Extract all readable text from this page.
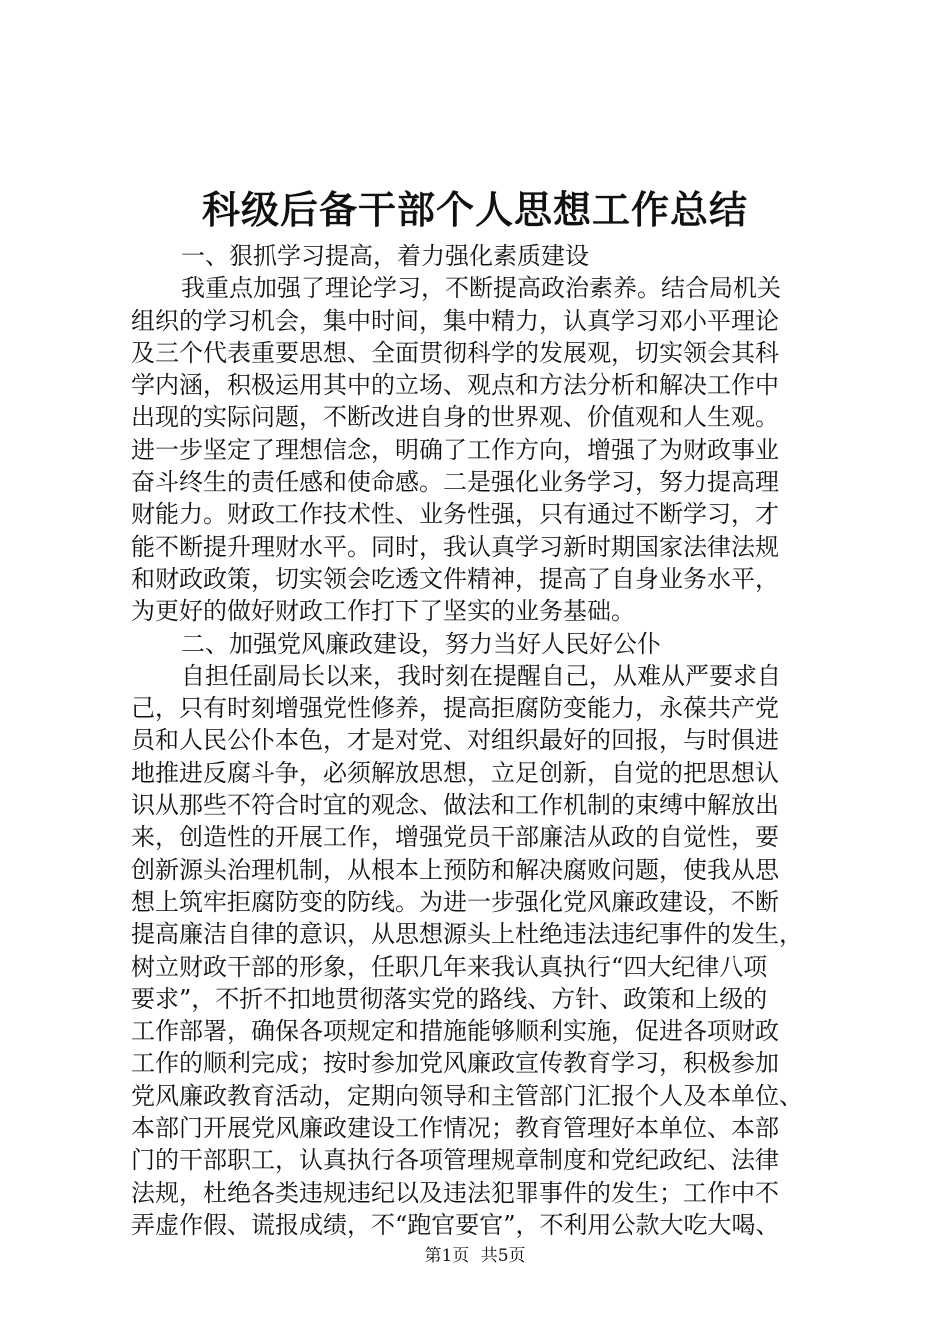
科级后备干部个人思想工作总结
一、狠抓学习提高，着力强化素质建设
我重点加强了理论学习，不断提高政治素养。结合局机关
组织的学习机会，集中时间，集中精力，认真学习邓小平理论
及三个代表重要思想、全面贯彻科学的发展观，切实领会其科
学内涵，积极运用其中的立场、观点和方法分析和解决工作中
出现的实际问题，不断改进自身的世界观、价值观和人生观。
进一步坚定了理想信念，明确了工作方向，增强了为财政事业
奋斗终生的责任感和使命感。二是强化业务学习，努力提高理
财能力。财政工作技术性、业务性强，只有通过不断学习，才
能不断提升理财水平。同时，我认真学习新时期国家法律法规
和财政政策，切实领会吃透文件精神，提高了自身业务水平，
为更好的做好财政工作打下了坚实的业务基础。
二、加强党风廉政建设，努力当好人民好公仆
自担任副局长以来，我时刻在提醒自己，从难从严要求自
己，只有时刻增强党性修养，提高拒腐防变能力，永葆共产党
员和人民公仆本色，才是对党、对组织最好的回报，与时俱进
地推进反腐斗争，必须解放思想，立足创新，自觉的把思想认
识从那些不符合时宜的观念、做法和工作机制的束缚中解放出
来，创造性的开展工作，增强党员干部廉洁从政的自觉性，要
创新源头治理机制，从根本上预防和解决腐败问题，使我从思
想上筑牢拒腐防变的防线。为进一步强化党风廉政建设，不断
提高廉洁自律的意识，从思想源头上杜绝违法违纪事件的发生，
树立财政干部的形象，任职几年来我认真执行“四大纪律八项
要求”，不折不扣地贯彻落实党的路线、方针、政策和上级的
工作部署，确保各项规定和措施能够顺利实施，促进各项财政
工作的顺利完成；按时参加党风廉政宣传教育学习，积极参加
党风廉政教育活动，定期向领导和主管部门汇报个人及本单位、
本部门开展党风廉政建设工作情况；教育管理好本单位、本部
门的干部职工，认真执行各项管理规章制度和党纪政纪、法律
法规，杜绝各类违规违纪以及违法犯罪事件的发生；工作中不
弄虚作假、谎报成绩，不“跑官要官”，不利用公款大吃大喝、
第1页 共5页
